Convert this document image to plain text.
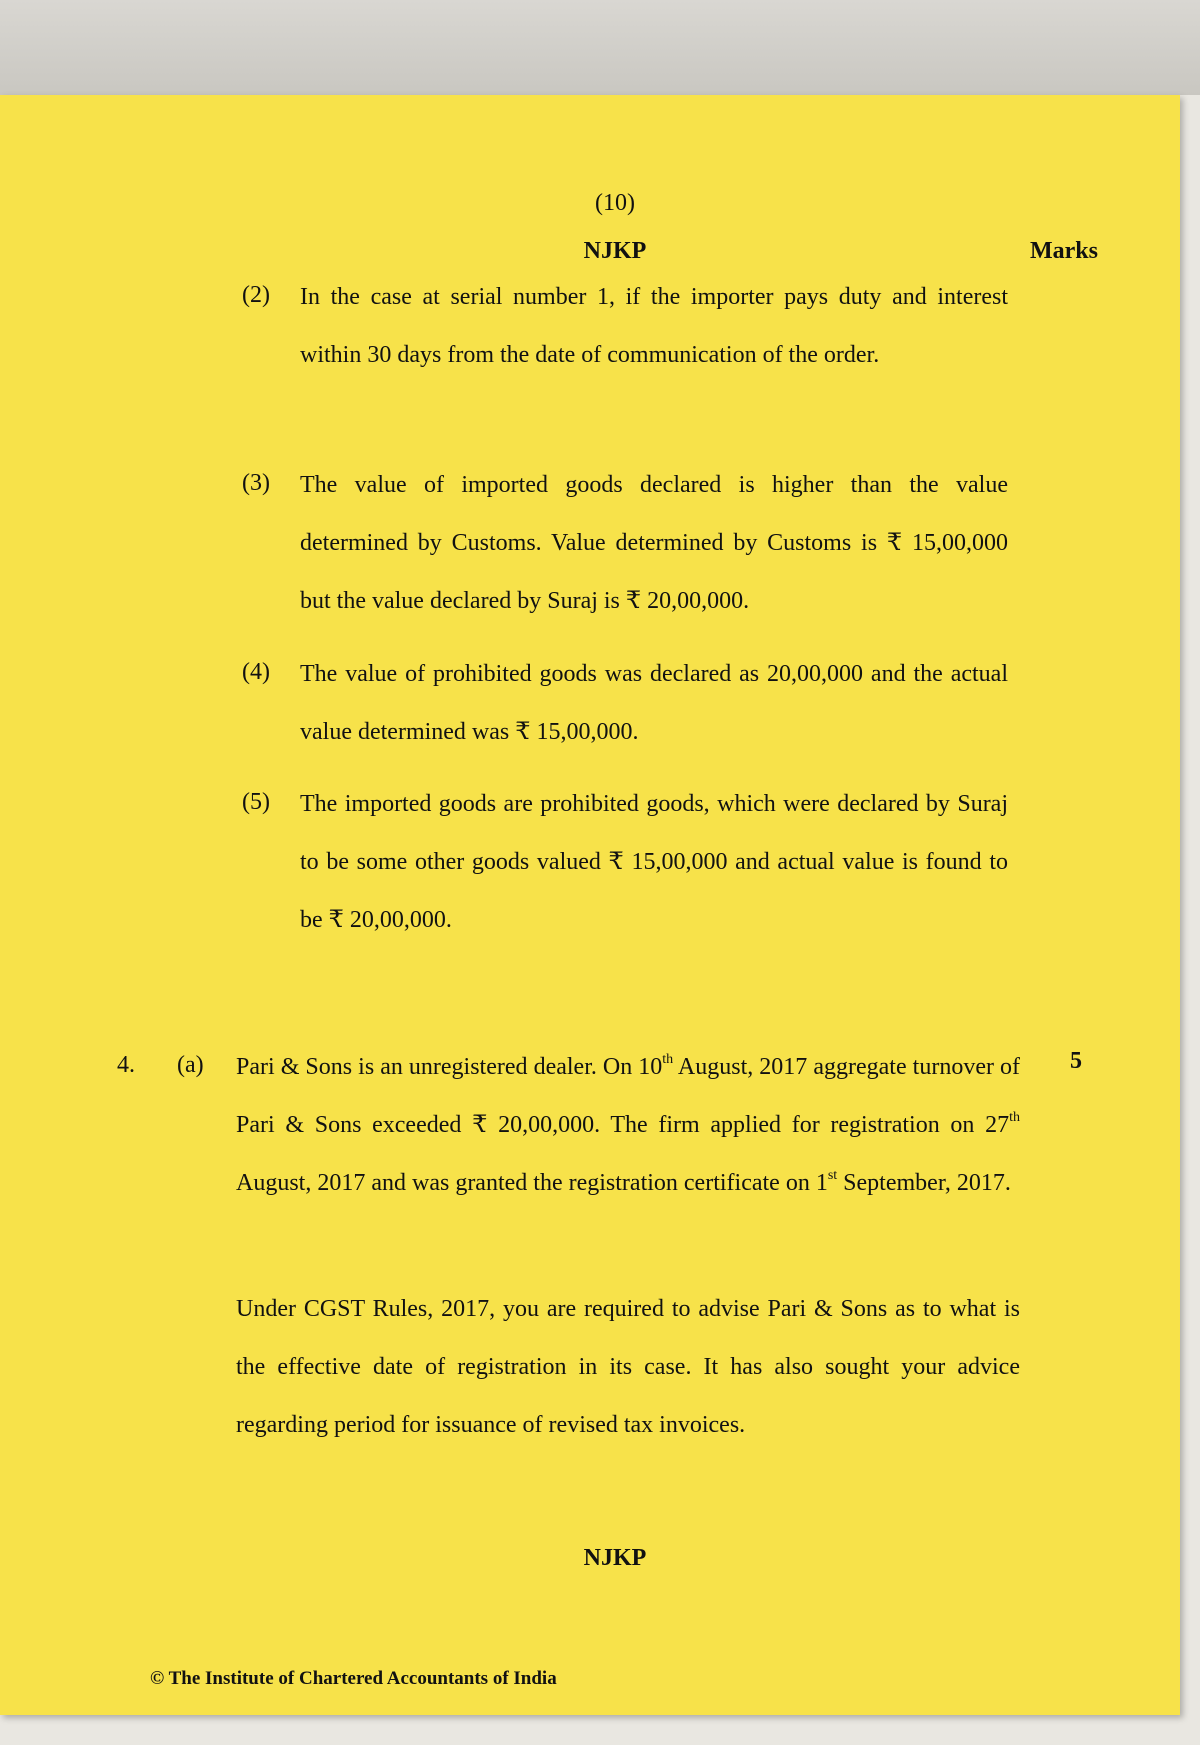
(10)
NJKP	Marks
(2) In the case at serial number 1, if the importer pays duty and interest within 30 days from the date of communication of the order.

(3) The value of imported goods declared is higher than the value determined by Customs. Value determined by Customs is ₹ 15,00,000 but the value declared by Suraj is ₹ 20,00,000.

(4) The value of prohibited goods was declared as 20,00,000 and the actual value determined was ₹ 15,00,000.

(5) The imported goods are prohibited goods, which were declared by Suraj to be some other goods valued ₹ 15,00,000 and actual value is found to be ₹ 20,00,000.

4. (a)	5

Pari & Sons is an unregistered dealer. On 10th August, 2017 aggregate turnover of Pari & Sons exceeded ₹ 20,00,000. The firm applied for registration on 27th August, 2017 and was granted the registration certificate on 1st September, 2017.

Under CGST Rules, 2017, you are required to advise Pari & Sons as to what is the effective date of registration in its case. It has also sought your advice regarding period for issuance of revised tax invoices.

NJKP
© The Institute of Chartered Accountants of India
